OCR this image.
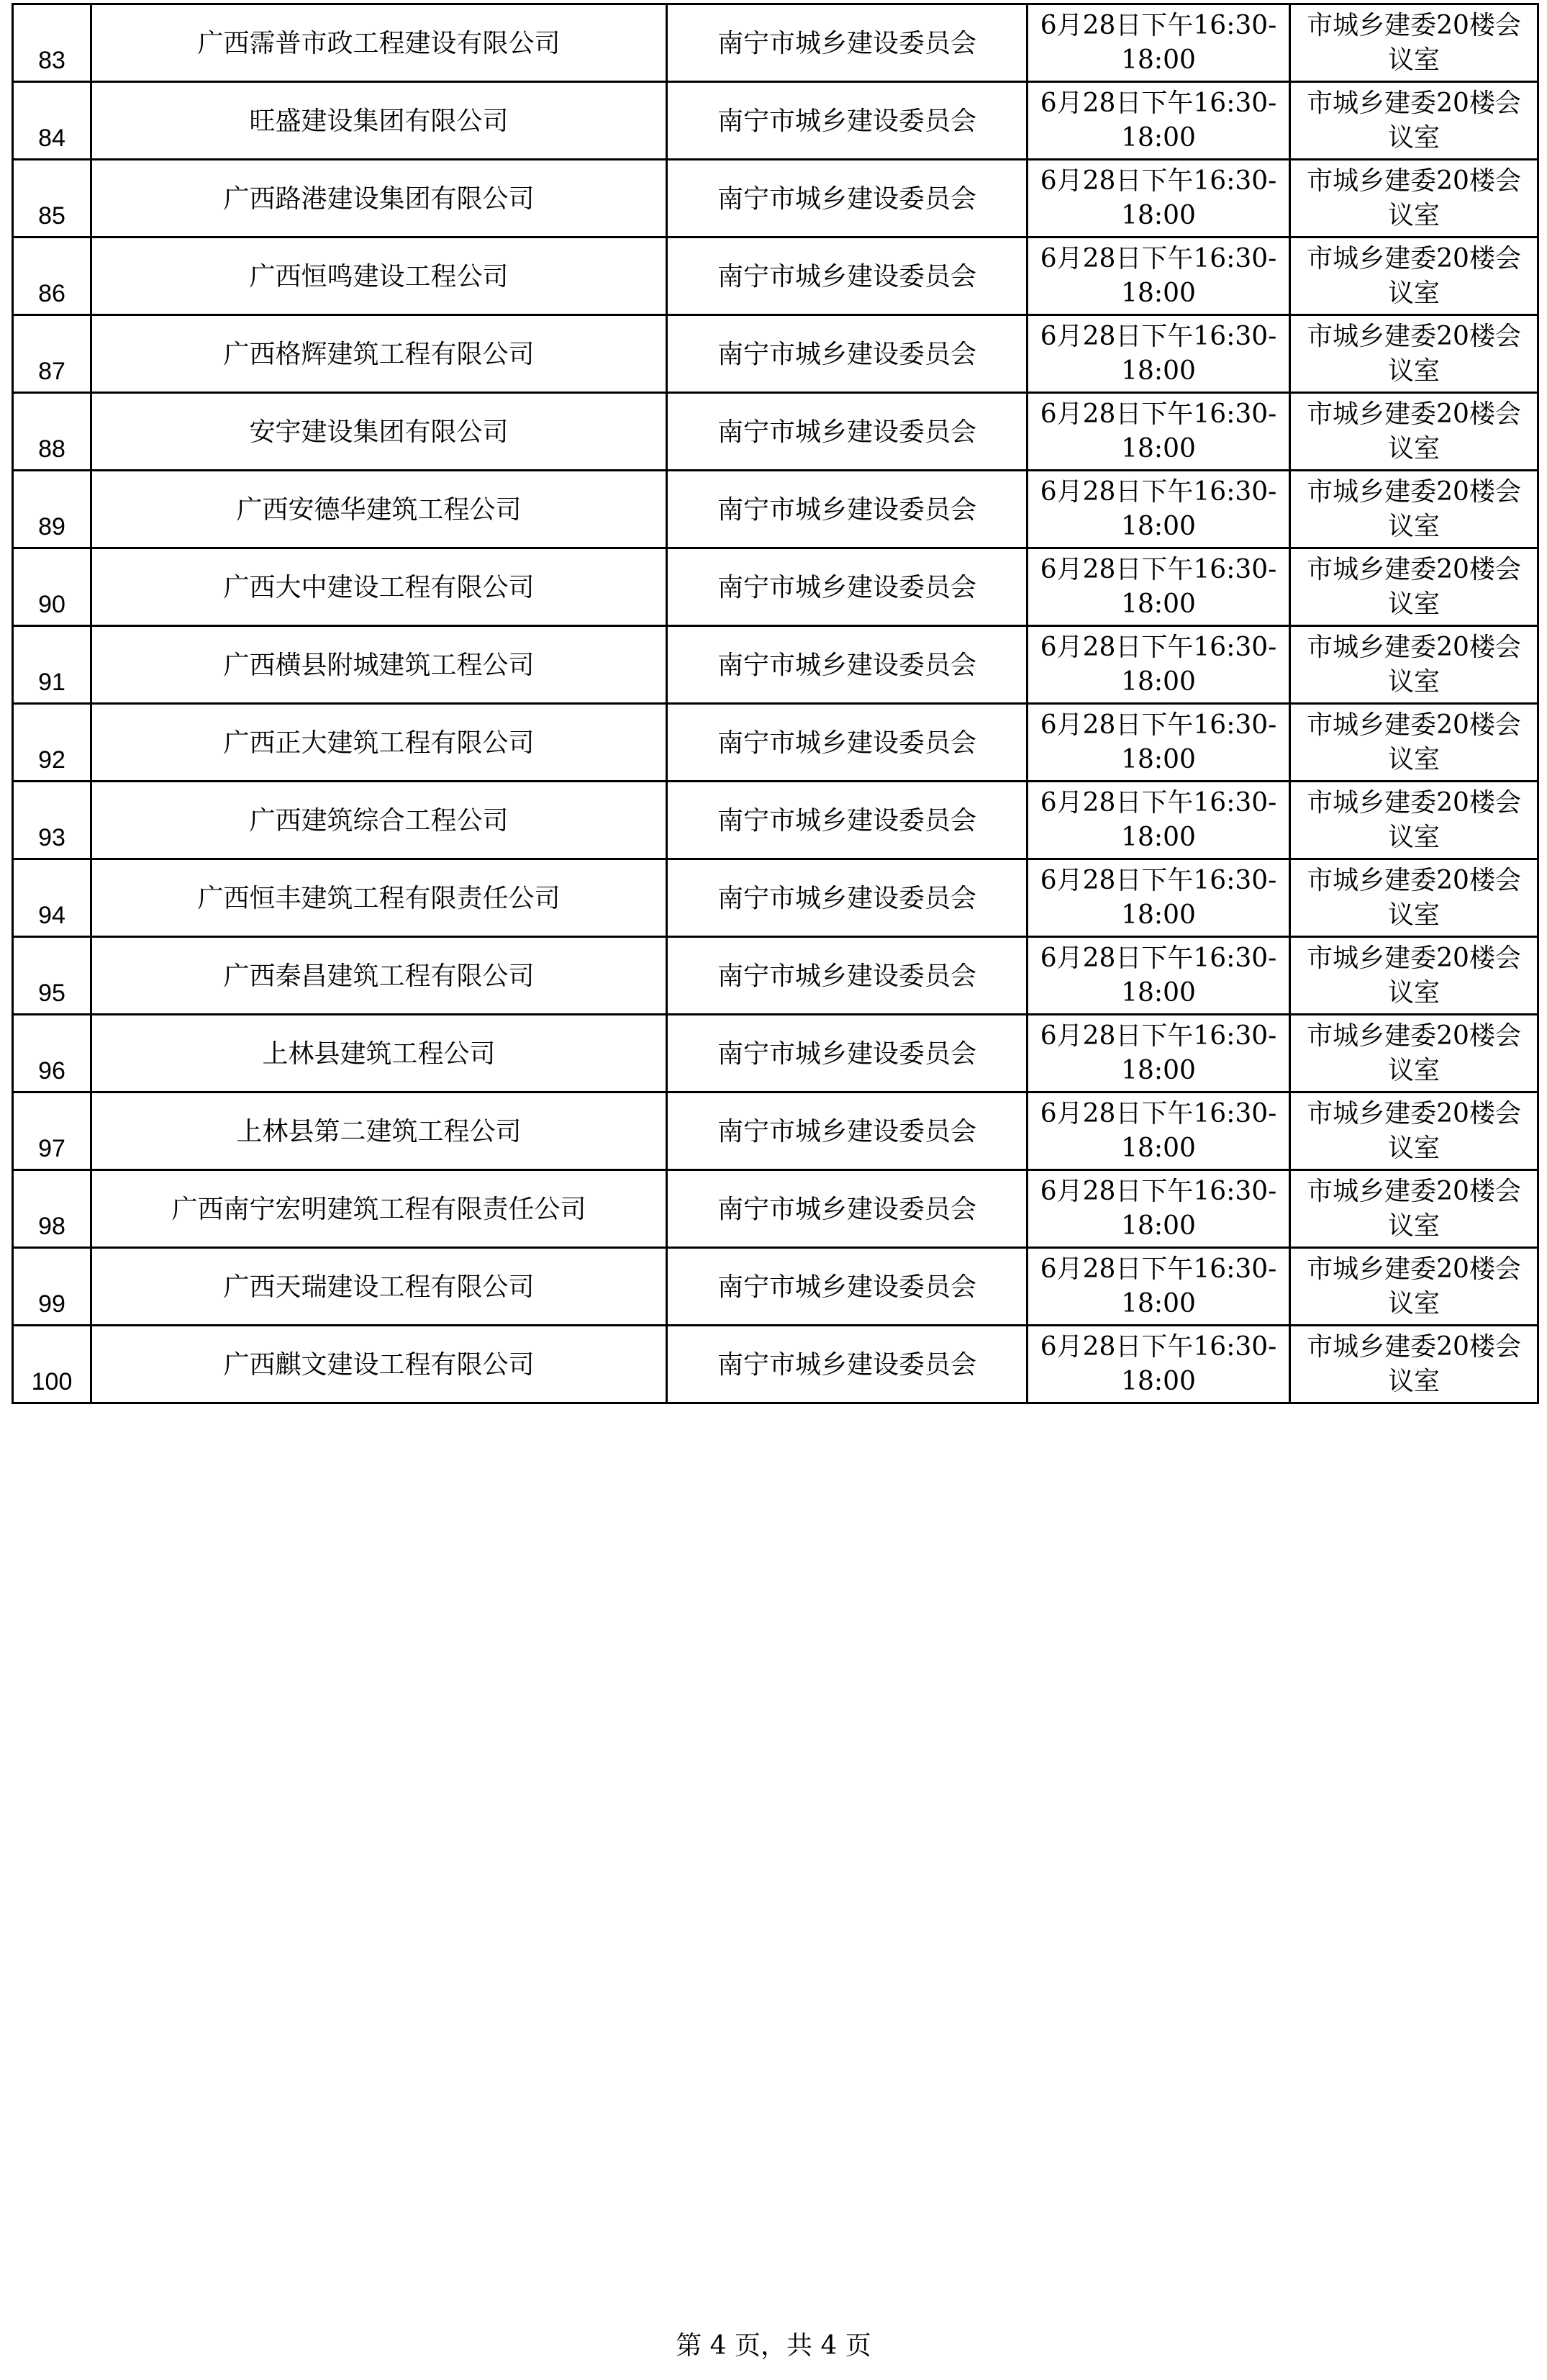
83	广西霈普市政工程建设有限公司	南宁市城乡建设委员会	6月28日下午16:30-
18:00	市城乡建委20楼会
议室

84	旺盛建设集团有限公司	南宁市城乡建设委员会	6月28日下午16:30-
18:00	市城乡建委20楼会
议室

85	广西路港建设集团有限公司	南宁市城乡建设委员会	6月28日下午16:30-
18:00	市城乡建委20楼会
议室

86	广西恒鸣建设工程公司	南宁市城乡建设委员会	6月28日下午16:30-
18:00	市城乡建委20楼会
议室

87	广西格辉建筑工程有限公司	南宁市城乡建设委员会	6月28日下午16:30-
18:00	市城乡建委20楼会
议室

88	安宇建设集团有限公司	南宁市城乡建设委员会	6月28日下午16:30-
18:00	市城乡建委20楼会
议室

89	广西安德华建筑工程公司	南宁市城乡建设委员会	6月28日下午16:30-
18:00	市城乡建委20楼会
议室

90	广西大中建设工程有限公司	南宁市城乡建设委员会	6月28日下午16:30-
18:00	市城乡建委20楼会
议室

91	广西横县附城建筑工程公司	南宁市城乡建设委员会	6月28日下午16:30-
18:00	市城乡建委20楼会
议室

92	广西正大建筑工程有限公司	南宁市城乡建设委员会	6月28日下午16:30-
18:00	市城乡建委20楼会
议室

93	广西建筑综合工程公司	南宁市城乡建设委员会	6月28日下午16:30-
18:00	市城乡建委20楼会
议室

94	广西恒丰建筑工程有限责任公司	南宁市城乡建设委员会	6月28日下午16:30-
18:00	市城乡建委20楼会
议室

95	广西秦昌建筑工程有限公司	南宁市城乡建设委员会	6月28日下午16:30-
18:00	市城乡建委20楼会
议室

96	上林县建筑工程公司	南宁市城乡建设委员会	6月28日下午16:30-
18:00	市城乡建委20楼会
议室

97	上林县第二建筑工程公司	南宁市城乡建设委员会	6月28日下午16:30-
18:00	市城乡建委20楼会
议室

98	广西南宁宏明建筑工程有限责任公司	南宁市城乡建设委员会	6月28日下午16:30-
18:00	市城乡建委20楼会
议室

99	广西天瑞建设工程有限公司	南宁市城乡建设委员会	6月28日下午16:30-
18:00	市城乡建委20楼会
议室

100	广西麒文建设工程有限公司	南宁市城乡建设委员会	6月28日下午16:30-
18:00	市城乡建委20楼会
议室
第 4 页，共 4 页
